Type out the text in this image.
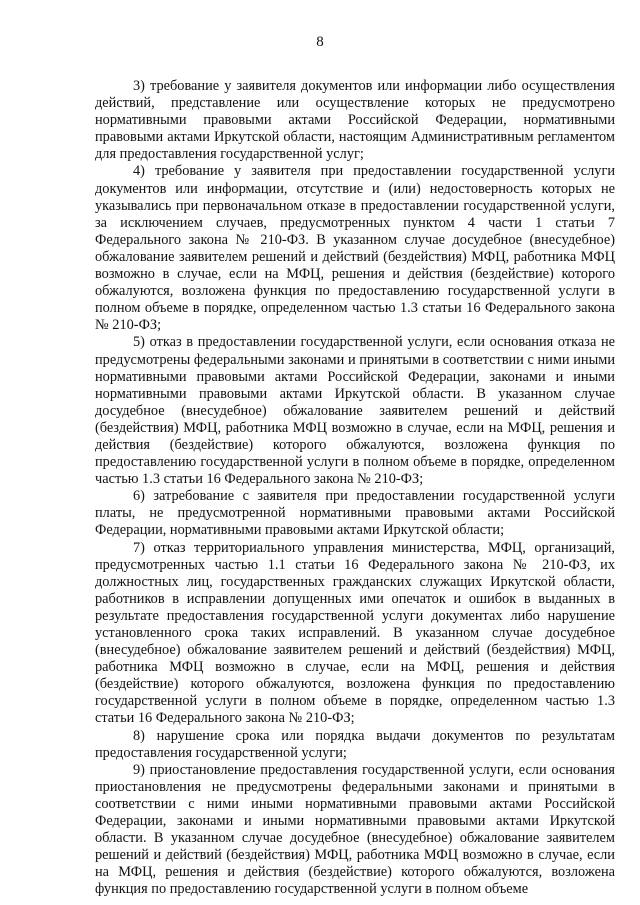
8

3) требование у заявителя документов или информации либо осуществления действий, представление или осуществление которых не предусмотрено нормативными правовыми актами Российской Федерации, нормативными правовыми актами Иркутской области, настоящим Административным регламентом для предоставления государственной услуг;

4) требование у заявителя при предоставлении государственной услуги документов или информации, отсутствие и (или) недостоверность которых не указывались при первоначальном отказе в предоставлении государственной услуги, за исключением случаев, предусмотренных пунктом 4 части 1 статьи 7 Федерального закона № 210-ФЗ. В указанном случае досудебное (внесудебное) обжалование заявителем решений и действий (бездействия) МФЦ, работника МФЦ возможно в случае, если на МФЦ, решения и действия (бездействие) которого обжалуются, возложена функция по предоставлению государственной услуги в полном объеме в порядке, определенном частью 1.3 статьи 16 Федерального закона № 210-ФЗ;

5) отказ в предоставлении государственной услуги, если основания отказа не предусмотрены федеральными законами и принятыми в соответствии с ними иными нормативными правовыми актами Российской Федерации, законами и иными нормативными правовыми актами Иркутской области. В указанном случае досудебное (внесудебное) обжалование заявителем решений и действий (бездействия) МФЦ, работника МФЦ возможно в случае, если на МФЦ, решения и действия (бездействие) которого обжалуются, возложена функция по предоставлению государственной услуги в полном объеме в порядке, определенном частью 1.3 статьи 16 Федерального закона № 210-ФЗ;

6) затребование с заявителя при предоставлении государственной услуги платы, не предусмотренной нормативными правовыми актами Российской Федерации, нормативными правовыми актами Иркутской области;

7) отказ территориального управления министерства, МФЦ, организаций, предусмотренных частью 1.1 статьи 16 Федерального закона № 210-ФЗ, их должностных лиц, государственных гражданских служащих Иркутской области, работников в исправлении допущенных ими опечаток и ошибок в выданных в результате предоставления государственной услуги документах либо нарушение установленного срока таких исправлений. В указанном случае досудебное (внесудебное) обжалование заявителем решений и действий (бездействия) МФЦ, работника МФЦ возможно в случае, если на МФЦ, решения и действия (бездействие) которого обжалуются, возложена функция по предоставлению государственной услуги в полном объеме в порядке, определенном частью 1.3 статьи 16 Федерального закона № 210-ФЗ;

8) нарушение срока или порядка выдачи документов по результатам предоставления государственной услуги;

9) приостановление предоставления государственной услуги, если основания приостановления не предусмотрены федеральными законами и принятыми в соответствии с ними иными нормативными правовыми актами Российской Федерации, законами и иными нормативными правовыми актами Иркутской области. В указанном случае досудебное (внесудебное) обжалование заявителем решений и действий (бездействия) МФЦ, работника МФЦ возможно в случае, если на МФЦ, решения и действия (бездействие) которого обжалуются, возложена функция по предоставлению государственной услуги в полном объеме
